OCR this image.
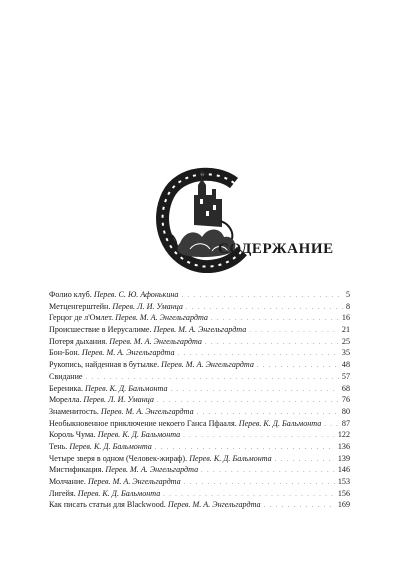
СОДЕРЖАНИЕ
Фолио клуб. Перев. С. Ю. Афонькина . . .	5
Метценгерштейн. Перев. Л. И. Уманца . . .	8
Герцог де л'Омлет. Перев. М. А. Энгельгардта . . .	16
Происшествие в Иерусалиме. Перев. М. А. Энгельгардта . . .	21
Потеря дыхания. Перев. М. А. Энгельгардта . . .	25
Бон-Бон. Перев. М. А. Энгельгардта . . .	35
Рукопись, найденная в бутылке. Перев. М. А. Энгельгардта . . .	48
Свидание . . .	57
Береника. Перев. К. Д. Бальмонта . . .	68
Морелла. Перев. Л. И. Уманца . . .	76
Знаменитость. Перев. М. А. Энгельгардта . . .	80
Необыкновенное приключение некоего Ганса Пфааля. Перев. К. Д. Бальмонта . . .	87
Король Чума. Перев. К. Д. Бальмонта . . .	122
Тень. Перев. К. Д. Бальмонта . . .	136
Четыре зверя в одном (Человек-жираф). Перев. К. Д. Бальмонта . . .	139
Мистификация. Перев. М. А. Энгельгардта . . .	146
Молчание. Перев. М. А. Энгельгардта . . .	153
Лигейя. Перев. К. Д. Бальмонта . . .	156
Как писать статьи для Blackwood. Перев. М. А. Энгельгардта . . .	169
